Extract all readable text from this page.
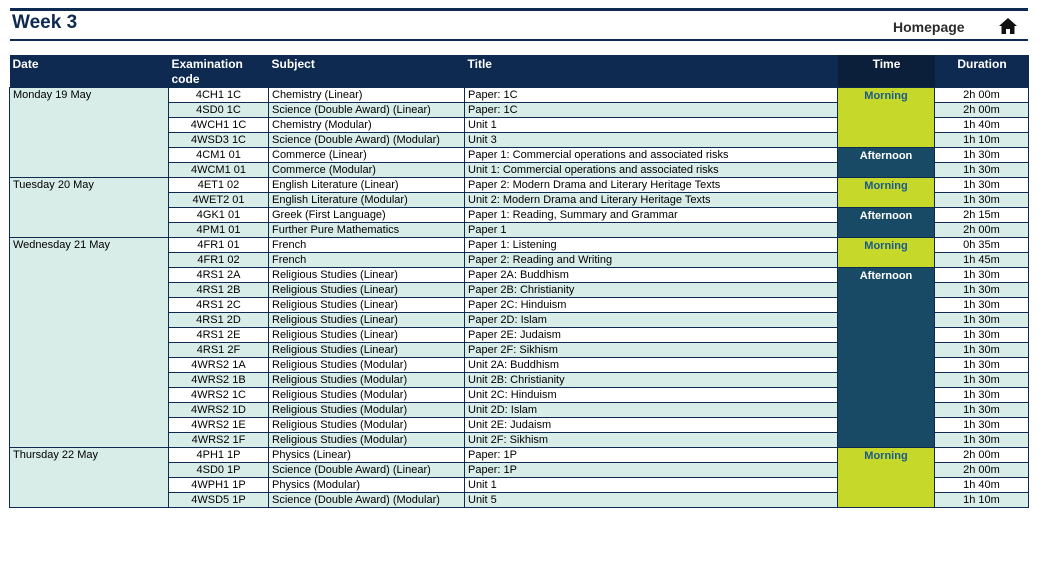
Week 3	Homepage
Date	Examination code	Subject	Title	Time	Duration
Monday 19 May	4CH1 1C	Chemistry (Linear)	Paper: 1C	Morning	2h 00m
	4SD0 1C	Science (Double Award) (Linear)	Paper: 1C		2h 00m
	4WCH1 1C	Chemistry (Modular)	Unit 1		1h 40m
	4WSD3 1C	Science (Double Award) (Modular)	Unit 3		1h 10m
	4CM1 01	Commerce (Linear)	Paper 1: Commercial operations and associated risks	Afternoon	1h 30m
	4WCM1 01	Commerce (Modular)	Unit 1: Commercial operations and associated risks		1h 30m
Tuesday 20 May	4ET1 02	English Literature (Linear)	Paper 2: Modern Drama and Literary Heritage Texts	Morning	1h 30m
	4WET2 01	English Literature (Modular)	Unit 2: Modern Drama and Literary Heritage Texts		1h 30m
	4GK1 01	Greek (First Language)	Paper 1: Reading, Summary and Grammar	Afternoon	2h 15m
	4PM1 01	Further Pure Mathematics	Paper 1		2h 00m
Wednesday 21 May	4FR1 01	French	Paper 1: Listening	Morning	0h 35m
	4FR1 02	French	Paper 2: Reading and Writing		1h 45m
	4RS1 2A	Religious Studies (Linear)	Paper 2A: Buddhism	Afternoon	1h 30m
	4RS1 2B	Religious Studies (Linear)	Paper 2B: Christianity		1h 30m
	4RS1 2C	Religious Studies (Linear)	Paper 2C: Hinduism		1h 30m
	4RS1 2D	Religious Studies (Linear)	Paper 2D: Islam		1h 30m
	4RS1 2E	Religious Studies (Linear)	Paper 2E: Judaism		1h 30m
	4RS1 2F	Religious Studies (Linear)	Paper 2F: Sikhism		1h 30m
	4WRS2 1A	Religious Studies (Modular)	Unit 2A: Buddhism		1h 30m
	4WRS2 1B	Religious Studies (Modular)	Unit 2B: Christianity		1h 30m
	4WRS2 1C	Religious Studies (Modular)	Unit 2C: Hinduism		1h 30m
	4WRS2 1D	Religious Studies (Modular)	Unit 2D: Islam		1h 30m
	4WRS2 1E	Religious Studies (Modular)	Unit 2E: Judaism		1h 30m
	4WRS2 1F	Religious Studies (Modular)	Unit 2F: Sikhism		1h 30m
Thursday 22 May	4PH1 1P	Physics (Linear)	Paper: 1P	Morning	2h 00m
	4SD0 1P	Science (Double Award) (Linear)	Paper: 1P		2h 00m
	4WPH1 1P	Physics (Modular)	Unit 1		1h 40m
	4WSD5 1P	Science (Double Award) (Modular)	Unit 5		1h 10m
